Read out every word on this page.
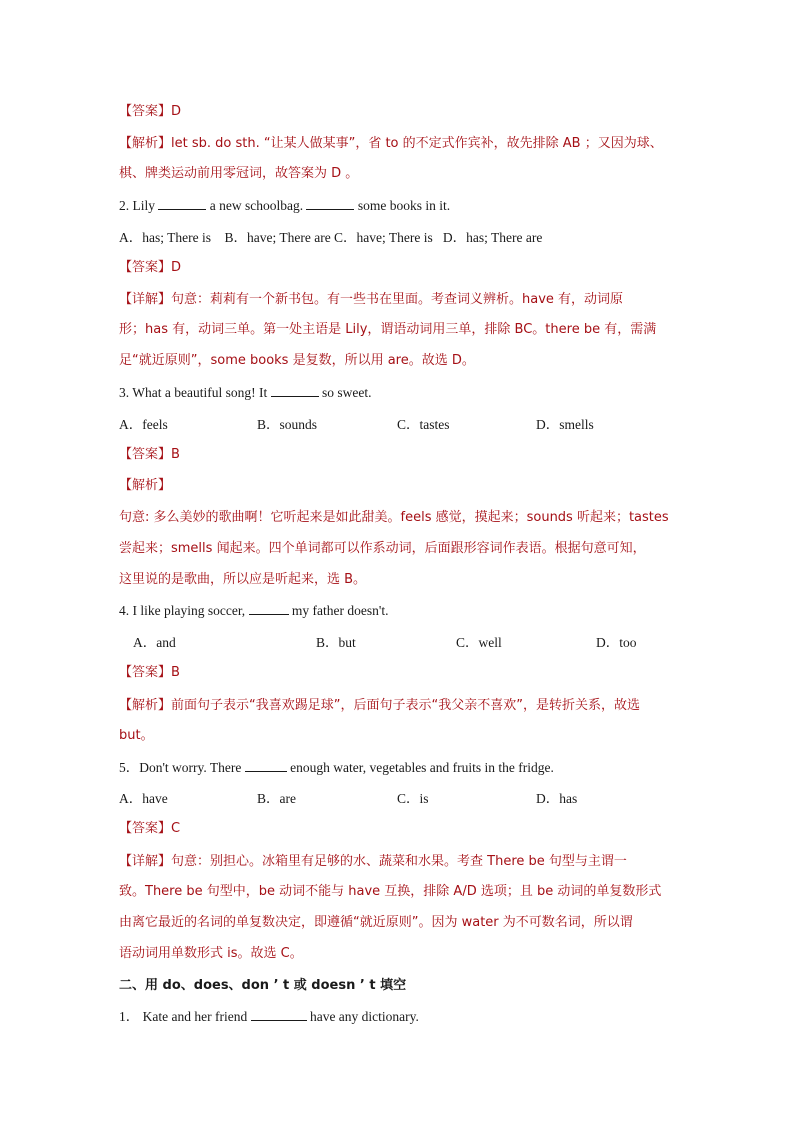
【答案】D
【解析】let sb. do sth. “让某人做某事”，省 to 的不定式作宾补，故先排除 AB ；又因为球、
棋、牌类运动前用零冠词，故答案为 D 。
2. Lily	a new schoolbag.	some books in it.
A．has; There is    B．have; There are C．have; There is   D．has; There are
【答案】D
【详解】句意：莉莉有一个新书包。有一些书在里面。考查词义辨析。have 有，动词原
形；has 有，动词三单。第一处主语是 Lily，谓语动词用三单，排除 BC。there be 有，需满
足“就近原则”，some books 是复数，所以用 are。故选 D。
3. What a beautiful song! It	so sweet.
A．feels	B．sounds	C．tastes	D．smells
【答案】B
【解析】
句意: 多么美妙的歌曲啊！它听起来是如此甜美。feels 感觉，摸起来；sounds 听起来；tastes
尝起来；smells 闻起来。四个单词都可以作系动词，后面跟形容词作表语。根据句意可知，
这里说的是歌曲，所以应是听起来，选 B。
4. I like playing soccer,	my father doesn't.
A．and	B．but	C．well	D．too
【答案】B
【解析】前面句子表示“我喜欢踢足球”，后面句子表示“我父亲不喜欢”，是转折关系，故选
but。
5．Don't worry. There	enough water, vegetables and fruits in the fridge.
A．have	B．are	C．is	D．has
【答案】C
【详解】句意：别担心。冰箱里有足够的水、蔬菜和水果。考查 There be 句型与主谓一
致。There be 句型中，be 动词不能与 have 互换，排除 A/D 选项；且 be 动词的单复数形式
由离它最近的名词的单复数决定，即遵循“就近原则”。因为 water 为不可数名词，所以谓
语动词用单数形式 is。故选 C。
二、用 do、does、don ’ t 或 doesn ’ t 填空
1． Kate and her friend	have any dictionary.
